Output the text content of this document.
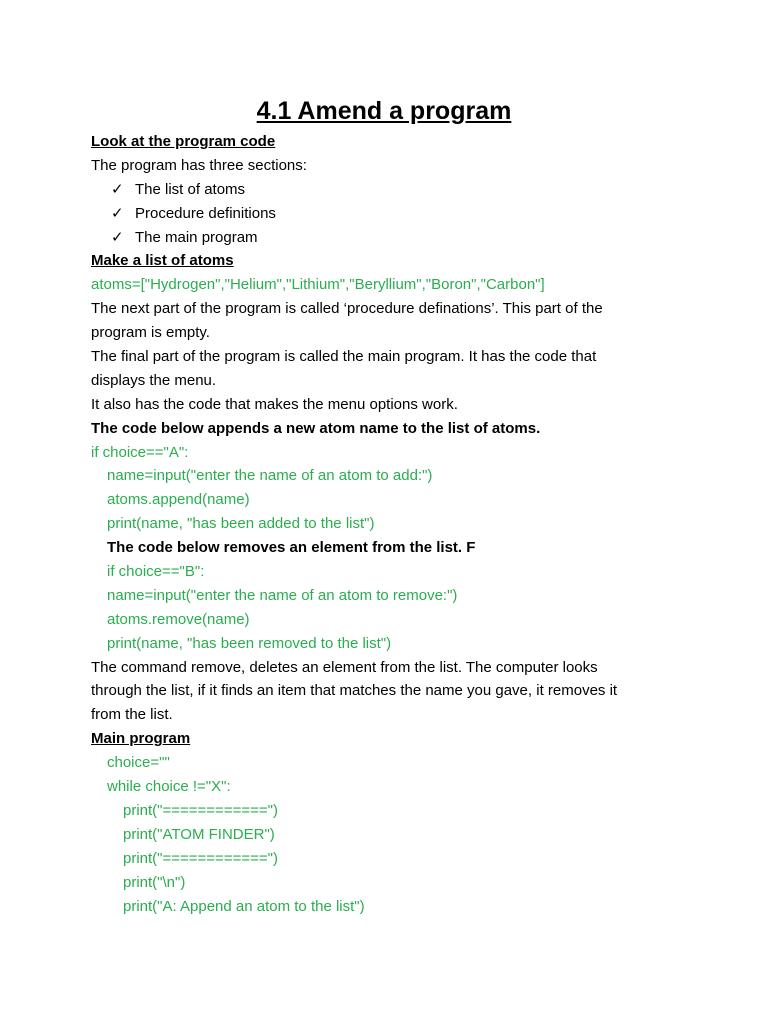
4.1 Amend a program
Look at the program code
The program has three sections:
✓ The list of atoms
✓ Procedure definitions
✓ The main program
Make a list of atoms
atoms=["Hydrogen","Helium","Lithium","Beryllium","Boron","Carbon"]
The next part of the program is called ‘procedure definations’. This part of the
program is empty.
The final part of the program is called the main program. It has the code that
displays the menu.
It also has the code that makes the menu options work.
The code below appends a new atom name to the list of atoms.
if choice=="A":
name=input("enter the name of an atom to add:")
atoms.append(name)
print(name, "has been added to the list")
The code below removes an element from the list. F
if choice=="B":
name=input("enter the name of an atom to remove:")
atoms.remove(name)
print(name, "has been removed to the list")
The command remove, deletes an element from the list. The computer looks
through the list, if it finds an item that matches the name you gave, it removes it
from the list.
Main program
choice=""
while choice !="X":
print("============")
print("ATOM FINDER")
print("============")
print("\n")
print("A: Append an atom to the list")
